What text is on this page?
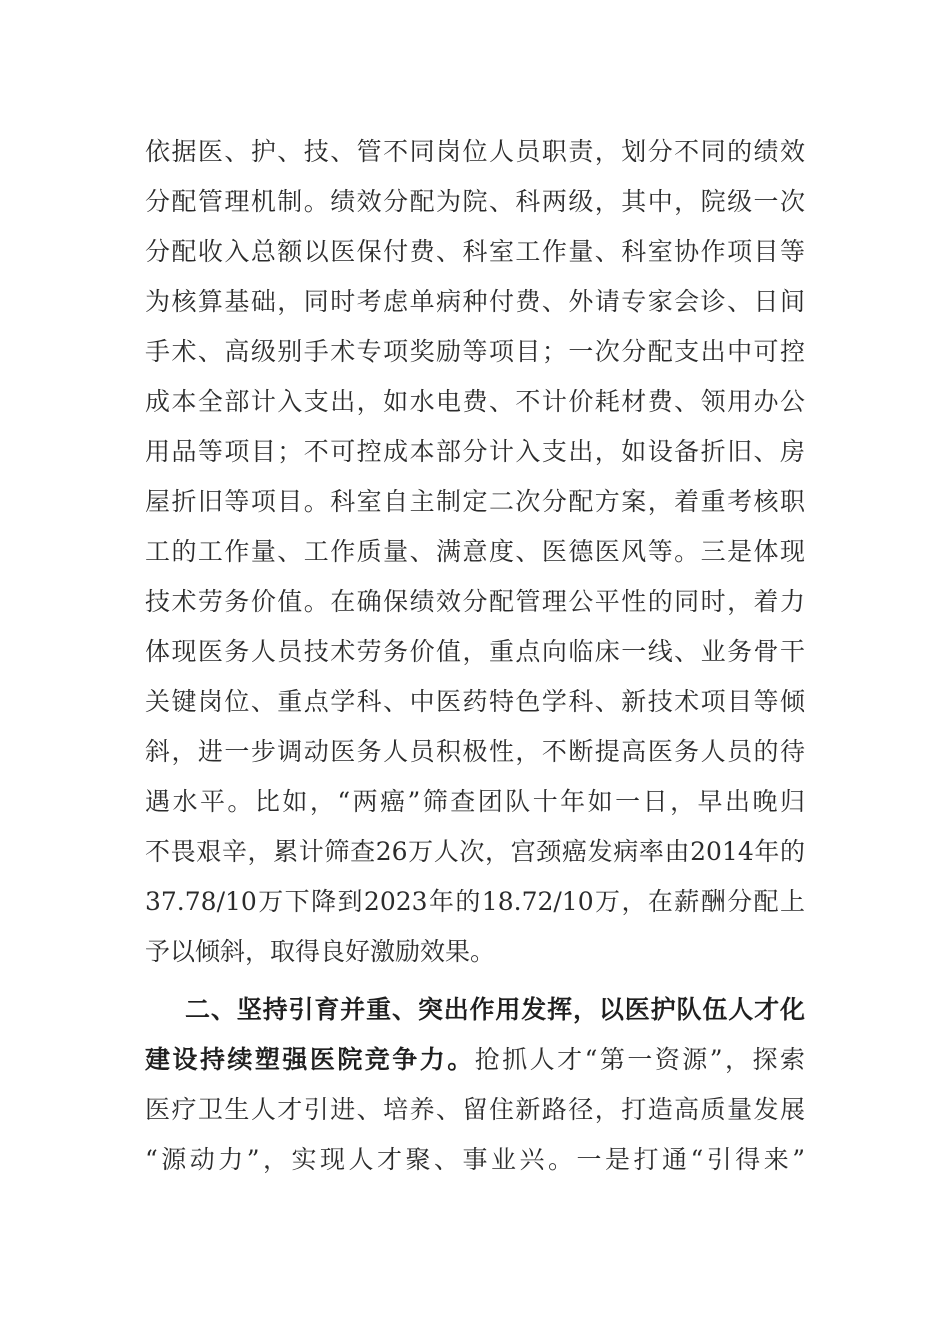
依据医、护、技、管不同岗位人员职责，划分不同的绩效
分配管理机制。绩效分配为院、科两级，其中，院级一次
分配收入总额以医保付费、科室工作量、科室协作项目等
为核算基础，同时考虑单病种付费、外请专家会诊、日间
手术、高级别手术专项奖励等项目；一次分配支出中可控
成本全部计入支出，如水电费、不计价耗材费、领用办公
用品等项目；不可控成本部分计入支出，如设备折旧、房
屋折旧等项目。科室自主制定二次分配方案，着重考核职
工的工作量、工作质量、满意度、医德医风等。三是体现
技术劳务价值。在确保绩效分配管理公平性的同时，着力
体现医务人员技术劳务价值，重点向临床一线、业务骨干
关键岗位、重点学科、中医药特色学科、新技术项目等倾
斜，进一步调动医务人员积极性，不断提高医务人员的待
遇水平。比如，“两癌”筛查团队十年如一日，早出晚归
不畏艰辛，累计筛查26万人次，宫颈癌发病率由2014年的
37.78/10万下降到2023年的18.72/10万，在薪酬分配上
予以倾斜，取得良好激励效果。
二、坚持引育并重、突出作用发挥，以医护队伍人才化
建设持续塑强医院竞争力。抢抓人才“第一资源”，探索
医疗卫生人才引进、培养、留住新路径，打造高质量发展
“源动力”，实现人才聚、事业兴。一是打通“引得来”
